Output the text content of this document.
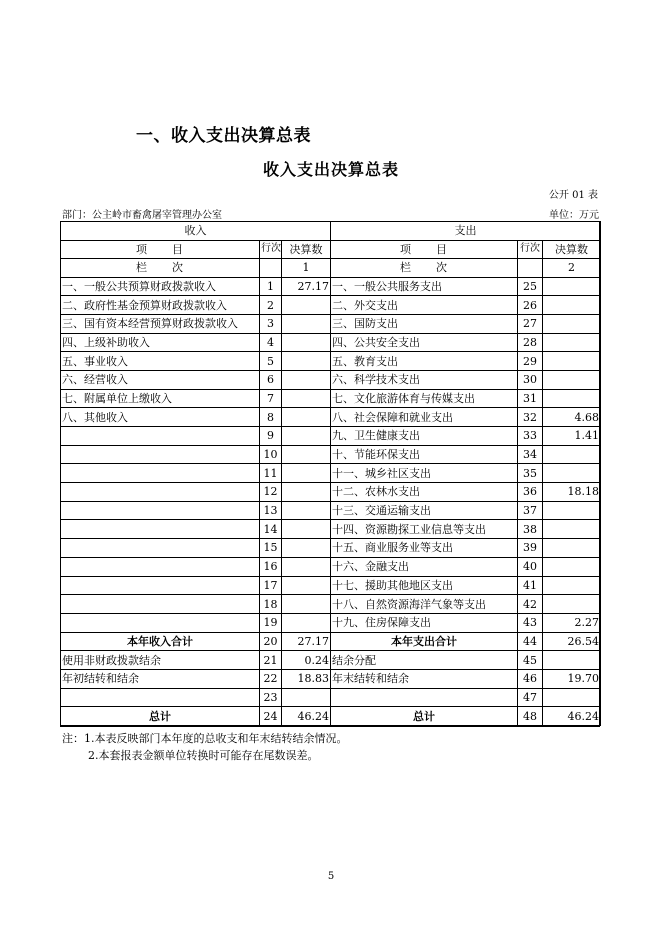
一、收入支出决算总表
收入支出决算总表
公开 01 表
部门：公主岭市畜禽屠宰管理办公室	单位：万元
收入			支出		
项　　目	行次	决算数	项　　目	行次	决算数
栏　　次		1	栏　　次		2
一、一般公共预算财政拨款收入	1	27.17	一、一般公共服务支出	25	
二、政府性基金预算财政拨款收入	2		二、外交支出	26	
三、国有资本经营预算财政拨款收入	3		三、国防支出	27	
四、上级补助收入	4		四、公共安全支出	28	
五、事业收入	5		五、教育支出	29	
六、经营收入	6		六、科学技术支出	30	
七、附属单位上缴收入	7		七、文化旅游体育与传媒支出	31	
八、其他收入	8		八、社会保障和就业支出	32	4.68
	9		九、卫生健康支出	33	1.41
	10		十、节能环保支出	34	
	11		十一、城乡社区支出	35	
	12		十二、农林水支出	36	18.18
	13		十三、交通运输支出	37	
	14		十四、资源勘探工业信息等支出	38	
	15		十五、商业服务业等支出	39	
	16		十六、金融支出	40	
	17		十七、援助其他地区支出	41	
	18		十八、自然资源海洋气象等支出	42	
	19		十九、住房保障支出	43	2.27
本年收入合计	20	27.17	本年支出合计	44	26.54
使用非财政拨款结余	21	0.24	结余分配	45	
年初结转和结余	22	18.83	年末结转和结余	46	19.70
	23			47	
总计	24	46.24	总计	48	46.24
注：1.本表反映部门本年度的总收支和年末结转结余情况。
2.本套报表金额单位转换时可能存在尾数误差。
5
